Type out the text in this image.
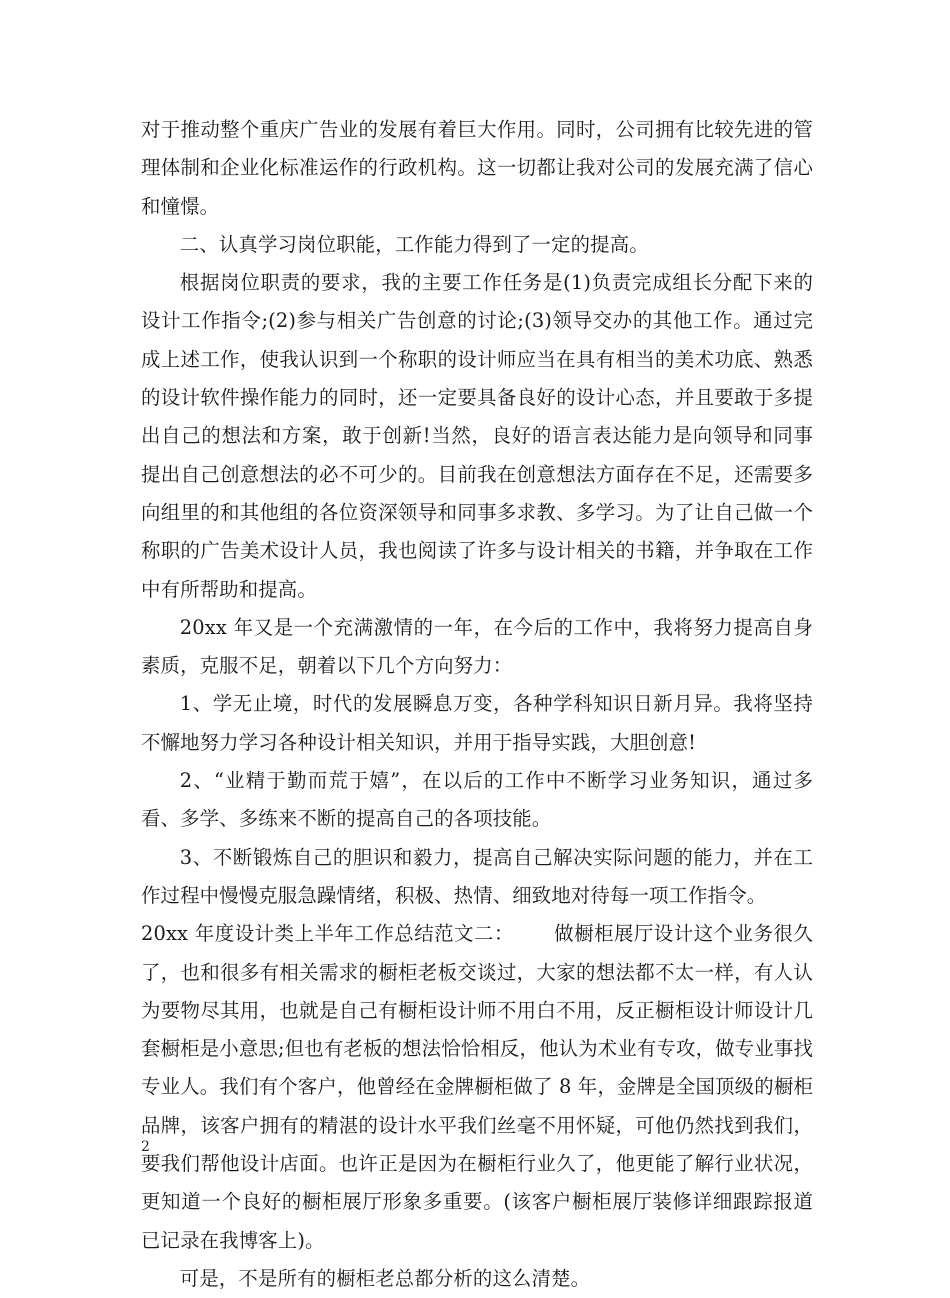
对于推动整个重庆广告业的发展有着巨大作用。同时，公司拥有比较先进的管理体制和企业化标准运作的行政机构。这一切都让我对公司的发展充满了信心和憧憬。

二、认真学习岗位职能，工作能力得到了一定的提高。

根据岗位职责的要求，我的主要工作任务是(1)负责完成组长分配下来的设计工作指令;(2)参与相关广告创意的讨论;(3)领导交办的其他工作。通过完成上述工作，使我认识到一个称职的设计师应当在具有相当的美术功底、熟悉的设计软件操作能力的同时，还一定要具备良好的设计心态，并且要敢于多提出自己的想法和方案，敢于创新!当然，良好的语言表达能力是向领导和同事提出自己创意想法的必不可少的。目前我在创意想法方面存在不足，还需要多向组里的和其他组的各位资深领导和同事多求教、多学习。为了让自己做一个称职的广告美术设计人员，我也阅读了许多与设计相关的书籍，并争取在工作中有所帮助和提高。

20xx 年又是一个充满激情的一年，在今后的工作中，我将努力提高自身素质，克服不足，朝着以下几个方向努力：

1、学无止境，时代的发展瞬息万变，各种学科知识日新月异。我将坚持不懈地努力学习各种设计相关知识，并用于指导实践，大胆创意!

2、“业精于勤而荒于嬉”，在以后的工作中不断学习业务知识，通过多看、多学、多练来不断的提高自己的各项技能。

3、不断锻炼自己的胆识和毅力，提高自己解决实际问题的能力，并在工作过程中慢慢克服急躁情绪，积极、热情、细致地对待每一项工作指令。

20xx 年度设计类上半年工作总结范文二：      做橱柜展厅设计这个业务很久了，也和很多有相关需求的橱柜老板交谈过，大家的想法都不太一样，有人认为要物尽其用，也就是自己有橱柜设计师不用白不用，反正橱柜设计师设计几套橱柜是小意思;但也有老板的想法恰恰相反，他认为术业有专攻，做专业事找专业人。我们有个客户，他曾经在金牌橱柜做了 8 年，金牌是全国顶级的橱柜品牌，该客户拥有的精湛的设计水平我们丝毫不用怀疑，可他仍然找到我们，要我们帮他设计店面。也许正是因为在橱柜行业久了，他更能了解行业状况，更知道一个良好的橱柜展厅形象多重要。(该客户橱柜展厅装修详细跟踪报道已记录在我博客上)。

可是，不是所有的橱柜老总都分析的这么清楚。

2
